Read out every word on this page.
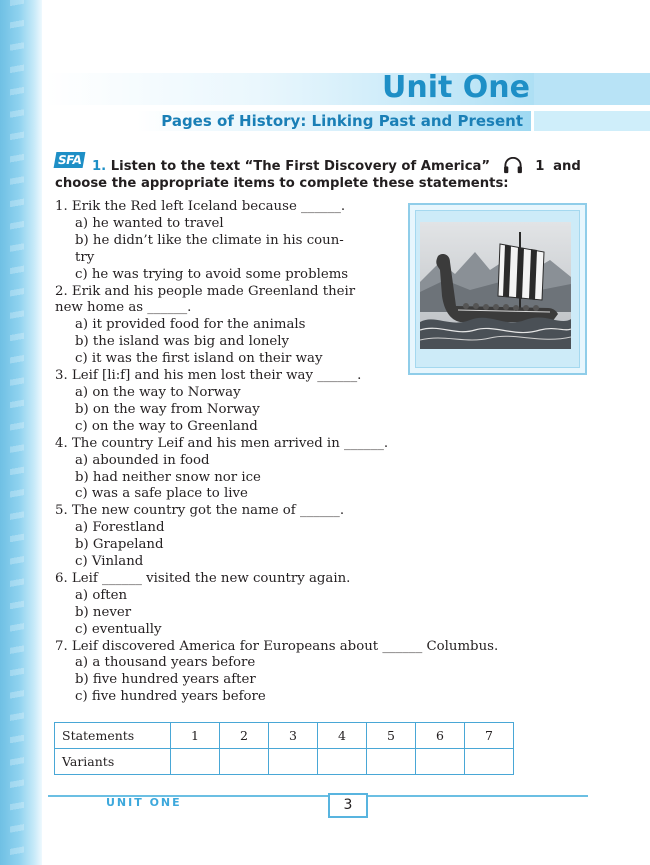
Unit One
Pages of History: Linking Past and Present
SFA 1. Listen to the text “The First Discovery of America”	1 and
choose the appropriate items to complete these statements:

1. Erik the Red left Iceland because ______.

a) he wanted to travel

b) he didn’t like the climate in his coun-

try

c) he was trying to avoid some problems

2. Erik and his people made Greenland their

new home as ______.

a) it provided food for the animals

b) the island was big and lonely

c) it was the first island on their way

3. Leif [li:f] and his men lost their way ______.

a) on the way to Norway

b) on the way from Norway

c) on the way to Greenland

4. The country Leif and his men arrived in ______.

a) abounded in food

b) had neither snow nor ice

c) was a safe place to live

5. The new country got the name of ______.

a) Forestland

b) Grapeland

c) Vinland

6. Leif ______ visited the new country again.

a) often

b) never

c) eventually

7. Leif discovered America for Europeans about ______ Columbus.

a) a thousand years before

b) five hundred years after

c) five hundred years before

Statements	1	2	3	4	5	6	7
Variants							
UNIT ONE	3
